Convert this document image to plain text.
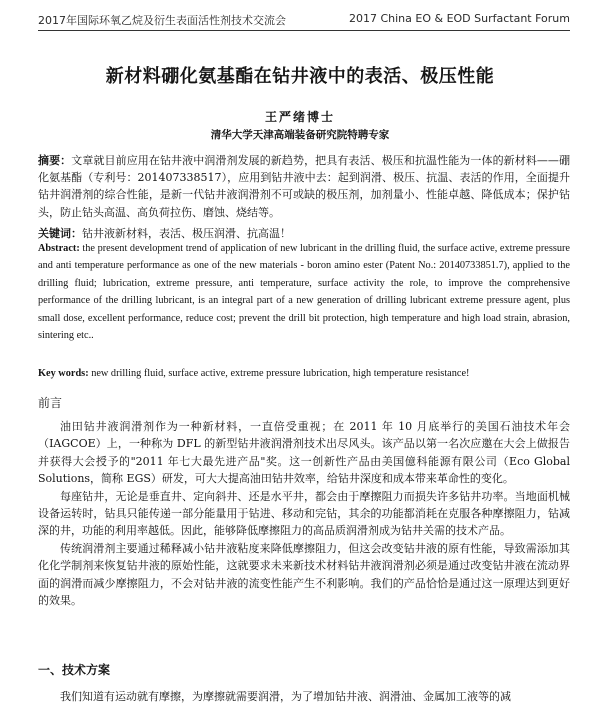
2017年国际环氧乙烷及衍生表面活性剂技术交流会	2017 China EO & EOD Surfactant Forum
新材料硼化氨基酯在钻井液中的表活、极压性能
王严绪博士
清华大学天津高端装备研究院特聘专家
摘要：文章就目前应用在钻井液中润滑剂发展的新趋势，把具有表活、极压和抗温性能为一体的新材料——硼化氨基酯（专利号：201407338517），应用到钻井液中去：起到润滑、极压、抗温、表活的作用，全面提升钻井润滑剂的综合性能，是新一代钻井液润滑剂不可或缺的极压剂，加剂量小、性能卓越、降低成本；保护钻头，防止钻头高温、高负荷拉伤、磨蚀、烧结等。
关键词：钻井液新材料，表活、极压润滑、抗高温！
Abstract: the present development trend of application of new lubricant in the drilling fluid, the surface active, extreme pressure and anti temperature performance as one of the new materials - boron amino ester (Patent No.: 20140733851.7), applied to the drilling fluid; lubrication, extreme pressure, anti temperature, surface activity the role, to improve the comprehensive performance of the drilling lubricant, is an integral part of a new generation of drilling lubricant extreme pressure agent, plus small dose, excellent performance, reduce cost; prevent the drill bit protection, high temperature and high load strain, abrasion, sintering etc..
Key words: new drilling fluid, surface active, extreme pressure lubrication, high temperature resistance!
前言

油田钻井液润滑剂作为一种新材料，一直倍受重视；在 2011 年 10 月底举行的美国石油技术年会（IAGCOE）上，一种称为 DFL 的新型钻井液润滑剂技术出尽风头。该产品以第一名次应邀在大会上做报告并获得大会授予的"2011 年七大最先进产品"奖。这一创新性产品由美国億科能源有限公司（Eco Global Solutions，简称 EGS）研发，可大大提高油田钻井效率，给钻井深度和成本带来革命性的变化。

每座钻井，无论是垂直井、定向斜井、还是水平井，都会由于摩擦阻力而损失许多钻井功率。当地面机械设备运转时，钻具只能传递一部分能量用于钻进、移动和完钻，其余的功能都消耗在克服各种摩擦阻力，钻减深的井，功能的利用率越低。因此，能够降低摩擦阻力的高品质润滑剂成为钻井关需的技术产品。

传统润滑剂主要通过稀释减小钻井液粘度来降低摩擦阻力，但这会改变钻井液的原有性能，导致需添加其化化学制剂来恢复钻井液的原始性能，这就要求未来新技术材料钻井液润滑剂必须是通过改变钻井液在流动界面的润滑而减少摩擦阻力，不会对钻井液的流变性能产生不利影响。我们的产品恰恰是通过这一原理达到更好的效果。

一、技术方案
我们知道有运动就有摩擦，为摩擦就需要润滑，为了增加钻井液、润滑油、金属加工液等的减
